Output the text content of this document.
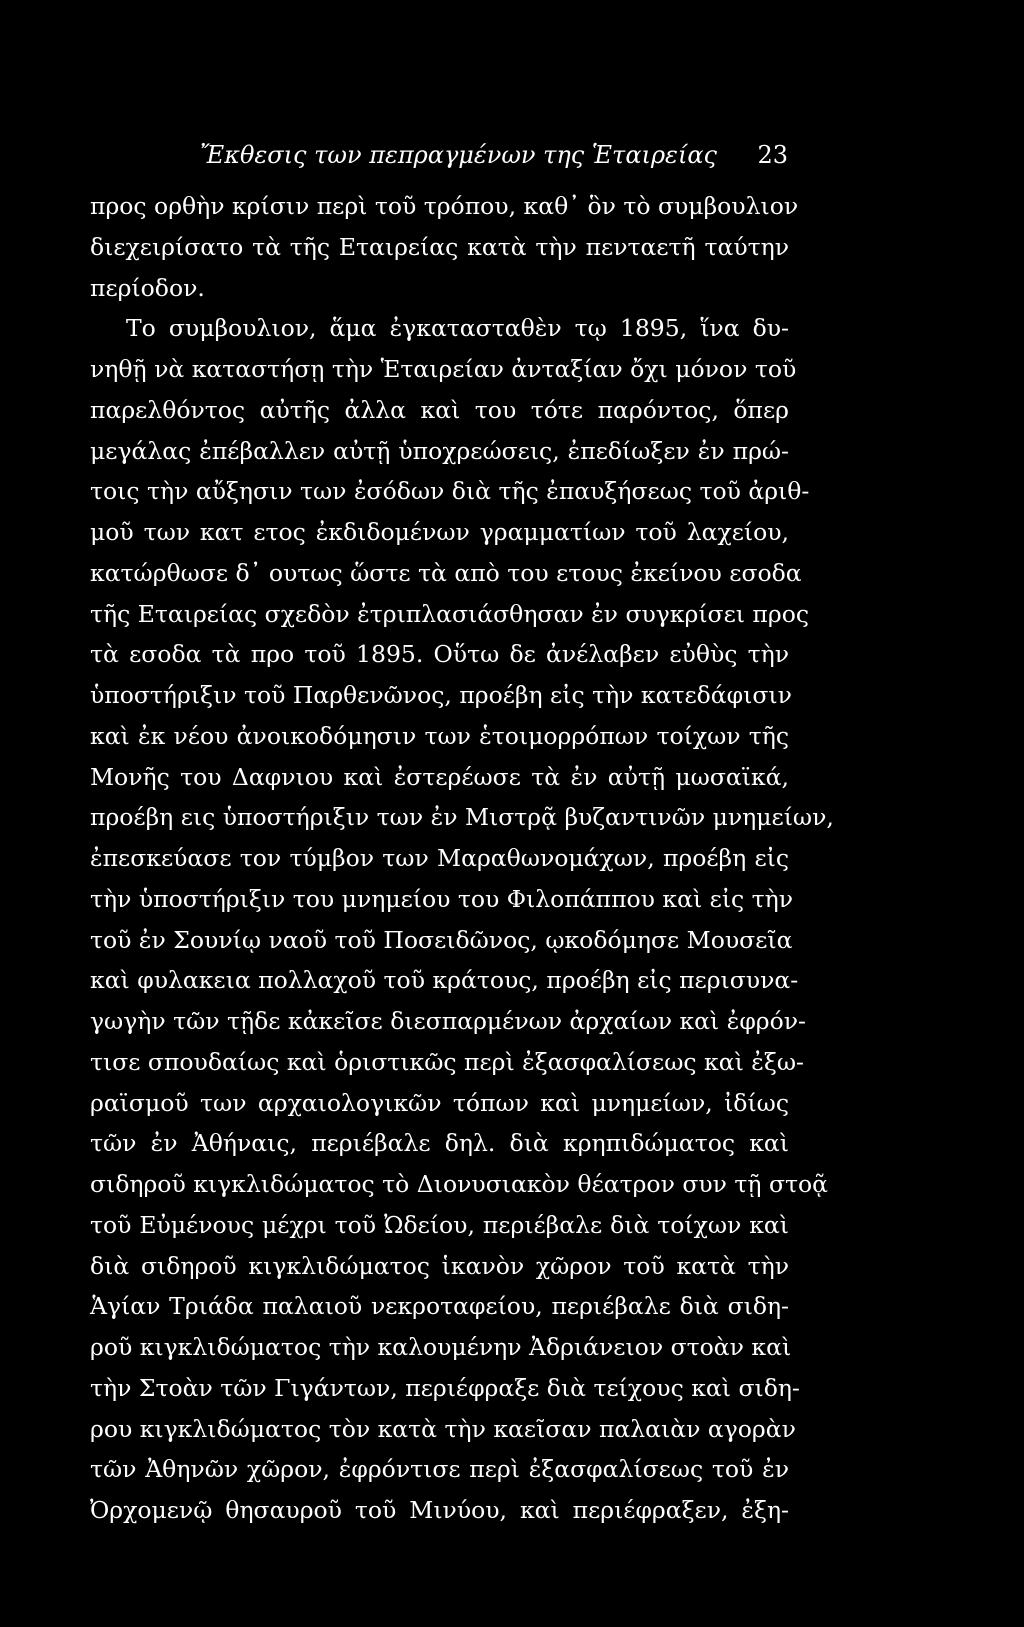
Ἔκθεσις των πεπραγμένων της Ἑταιρείας 23
προς ορθὴν κρίσιν περὶ τοῦ τρόπου, καθ᾽ ὃν τὸ συμβουλιον
διεχειρίσατο τὰ τῆς Εταιρείας κατὰ τὴν πενταετῆ ταύτην
περίοδον.
Το συμβουλιον, ἅμα ἐγκατασταθὲν τῳ 1895, ἵνα δυ-
νηθῇ νὰ καταστήσῃ τὴν Ἑταιρείαν ἀνταξίαν ὄχι μόνον τοῦ
παρελθόντος αὐτῆς ἀλλα καὶ του τότε παρόντος, ὅπερ
μεγάλας ἐπέβαλλεν αὐτῇ ὑποχρεώσεις, ἐπεδίωξεν ἐν πρώ-
τοις τὴν αὔξησιν των ἐσόδων διὰ τῆς ἐπαυξήσεως τοῦ ἀριθ-
μοῦ των κατ ετος ἐκδιδομένων γραμματίων τοῦ λαχείου,
κατώρθωσε δ᾽ ουτως ὥστε τὰ απὸ του ετους ἐκείνου εσοδα
τῆς Εταιρείας σχεδὸν ἐτριπλασιάσθησαν ἐν συγκρίσει προς
τὰ εσοδα τὰ προ τοῦ 1895. Οὕτω δε ἀνέλαβεν εὐθὺς τὴν
ὑποστήριξιν τοῦ Παρθενῶνος, προέβη εἰς τὴν κατεδάφισιν
καὶ ἐκ νέου ἀνοικοδόμησιν των ἑτοιμορρόπων τοίχων τῆς
Μονῆς του Δαφνιου καὶ ἐστερέωσε τὰ ἐν αὐτῇ μωσαϊκά,
προέβη εις ὑποστήριξιν των ἐν Μιστρᾷ βυζαντινῶν μνημείων,
ἐπεσκεύασε τον τύμβον των Μαραθωνομάχων, προέβη εἰς
τὴν ὑποστήριξιν του μνημείου του Φιλοπάππου καὶ εἰς τὴν
τοῦ ἐν Σουνίῳ ναοῦ τοῦ Ποσειδῶνος, ῳκοδόμησε Μουσεῖα
καὶ φυλακεια πολλαχοῦ τοῦ κράτους, προέβη εἰς περισυνα-
γωγὴν τῶν τῇδε κἀκεῖσε διεσπαρμένων ἀρχαίων καὶ ἐφρόν-
τισε σπουδαίως καὶ ὁριστικῶς περὶ ἐξασφαλίσεως καὶ ἐξω-
ραϊσμοῦ των αρχαιολογικῶν τόπων καὶ μνημείων, ἰδίως
τῶν ἐν Ἀθήναις, περιέβαλε δηλ. διὰ κρηπιδώματος καὶ
σιδηροῦ κιγκλιδώματος τὸ Διονυσιακὸν θέατρον συν τῇ στοᾷ
τοῦ Εὐμένους μέχρι τοῦ Ὠδείου, περιέβαλε διὰ τοίχων καὶ
διὰ σιδηροῦ κιγκλιδώματος ἱκανὸν χῶρον τοῦ κατὰ τὴν
Ἁγίαν Τριάδα παλαιοῦ νεκροταφείου, περιέβαλε διὰ σιδη-
ροῦ κιγκλιδώματος τὴν καλουμένην Ἀδριάνειον στοὰν καὶ
τὴν Στοὰν τῶν Γιγάντων, περιέφραξε διὰ τείχους καὶ σιδη-
ρου κιγκλιδώματος τὸν κατὰ τὴν καεῖσαν παλαιὰν αγορὰν
τῶν Ἀθηνῶν χῶρον, ἐφρόντισε περὶ ἐξασφαλίσεως τοῦ ἐν
Ὀρχομενῷ θησαυροῦ τοῦ Μινύου, καὶ περιέφραξεν, ἐξη-
